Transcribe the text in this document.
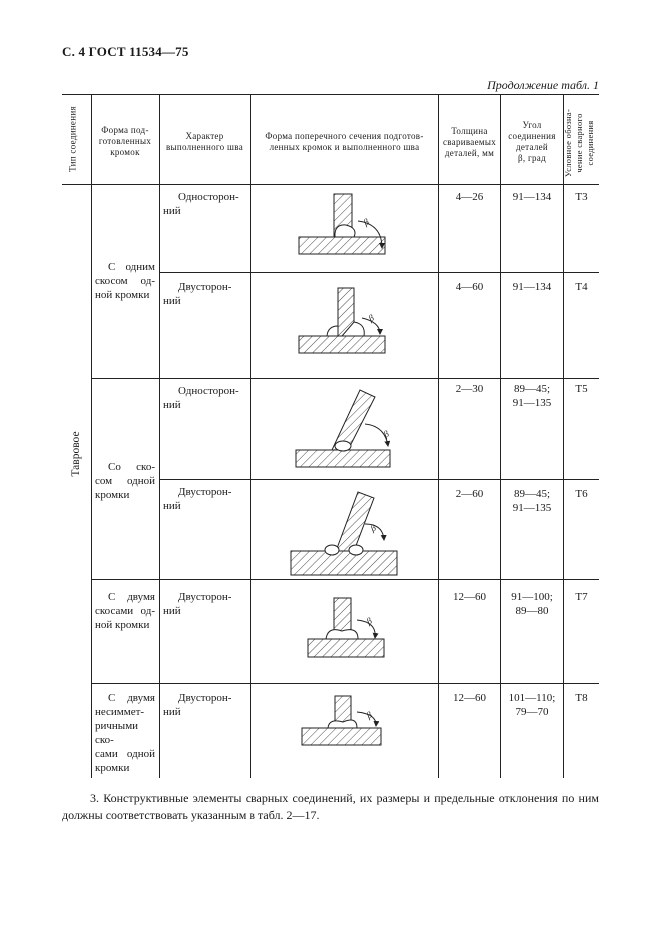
С. 4 ГОСТ 11534—75
Продолжение табл. 1
β
β
β
β
β
β
Тип соединения	Форма под-
готовленных
кромок
Характер
выполненного шва
Форма поперечного сечения подготов-
ленных кромок и выполненного шва
Толщина
свариваемых
деталей, мм
Угол
соединения
деталей
β, град	Условное обозна-
чение сварного
соединения
Тавровое
С одним
скосом од-
ной кромки
Со ско-
сом одной
кромки
С двумя
скосами од-
ной кромки
С двумя
несиммет-
ричными ско-
сами одной
кромки
Односторон-
ний
Двусторон-
ний
Односторон-
ний
Двусторон-
ний
Двусторон-
ний
Двусторон-
ний
4—26
4—60
2—30
2—60
12—60
12—60
91—134
91—134
89—45;
91—135
89—45;
91—135
91—100;
89—80
101—110;
79—70
Т3
Т4
Т5
Т6
Т7
Т8
3. Конструктивные элементы сварных соединений, их размеры и предельные отклонения по ним должны соответствовать указанным в табл. 2—17.
